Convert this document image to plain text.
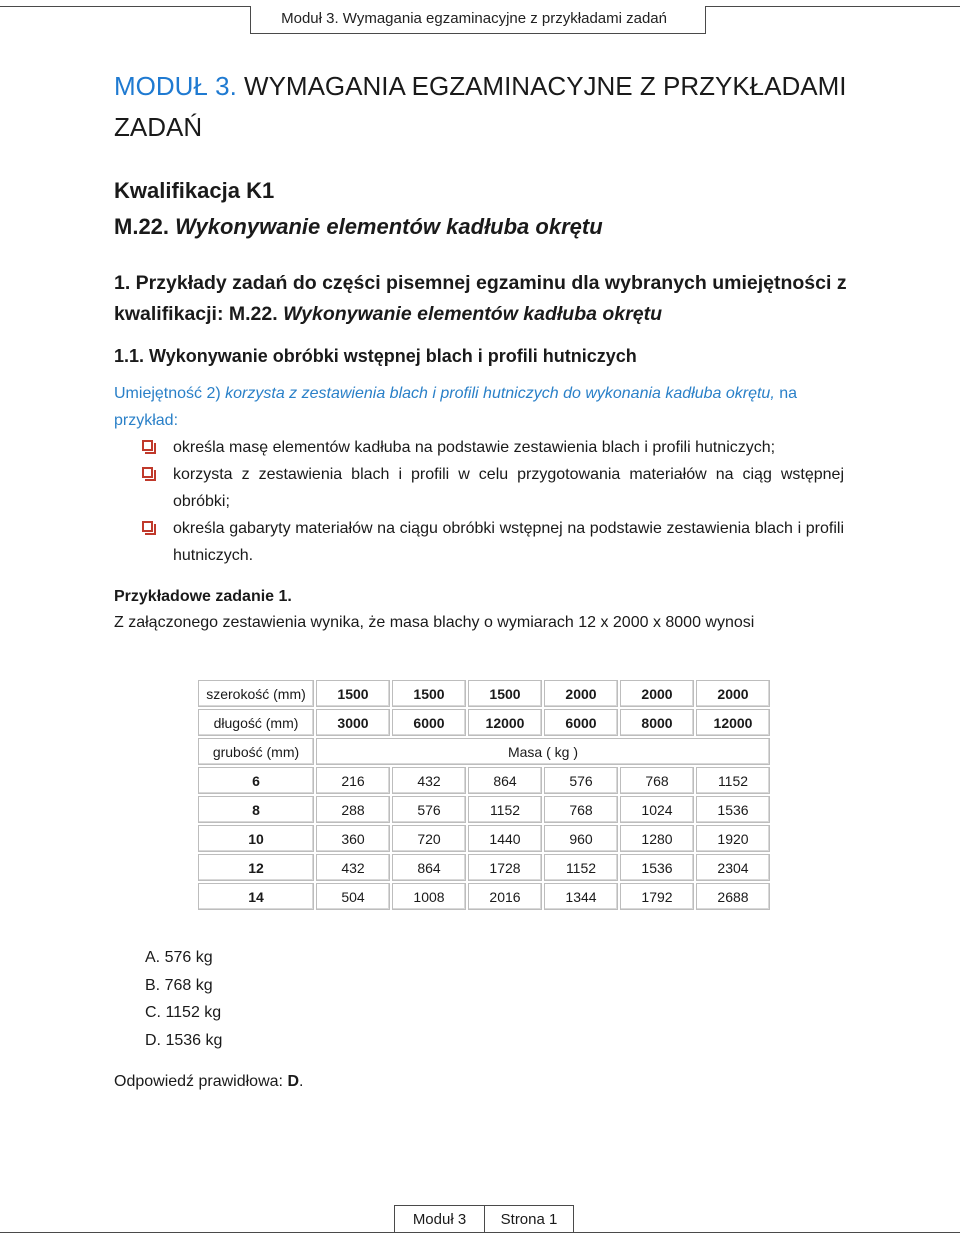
Moduł 3. Wymagania egzaminacyjne z przykładami zadań
MODUŁ 3. WYMAGANIA EGZAMINACYJNE Z PRZYKŁADAMI ZADAŃ
Kwalifikacja K1
M.22. Wykonywanie elementów kadłuba okrętu
1. Przykłady zadań do części pisemnej egzaminu dla wybranych umiejętności z kwalifikacji: M.22. Wykonywanie elementów kadłuba okrętu
1.1. Wykonywanie obróbki wstępnej blach i profili hutniczych

Umiejętność 2) korzysta z zestawienia blach i profili hutniczych do wykonania kadłuba okrętu, na przykład:

określa masę elementów kadłuba na podstawie zestawienia blach i profili hutniczych;
korzysta z zestawienia blach i profili w celu przygotowania materiałów na ciąg wstępnej obróbki;
określa gabaryty materiałów na ciągu obróbki wstępnej na podstawie zestawienia blach i profili hutniczych.

Przykładowe zadanie 1.

Z załączonego zestawienia wynika, że masa blachy o wymiarach 12 x 2000 x 8000 wynosi

szerokość (mm)	1500	1500	1500	2000	2000	2000
długość (mm)	3000	6000	12000	6000	8000	12000
grubość (mm)	Masa ( kg )					
6	216	432	864	576	768	1152
8	288	576	1152	768	1024	1536
10	360	720	1440	960	1280	1920
12	432	864	1728	1152	1536	2304
14	504	1008	2016	1344	1792	2688
A. 576 kg
B. 768 kg
C. 1152 kg
D. 1536 kg

Odpowiedź prawidłowa: D.

Moduł 3	Strona 1
